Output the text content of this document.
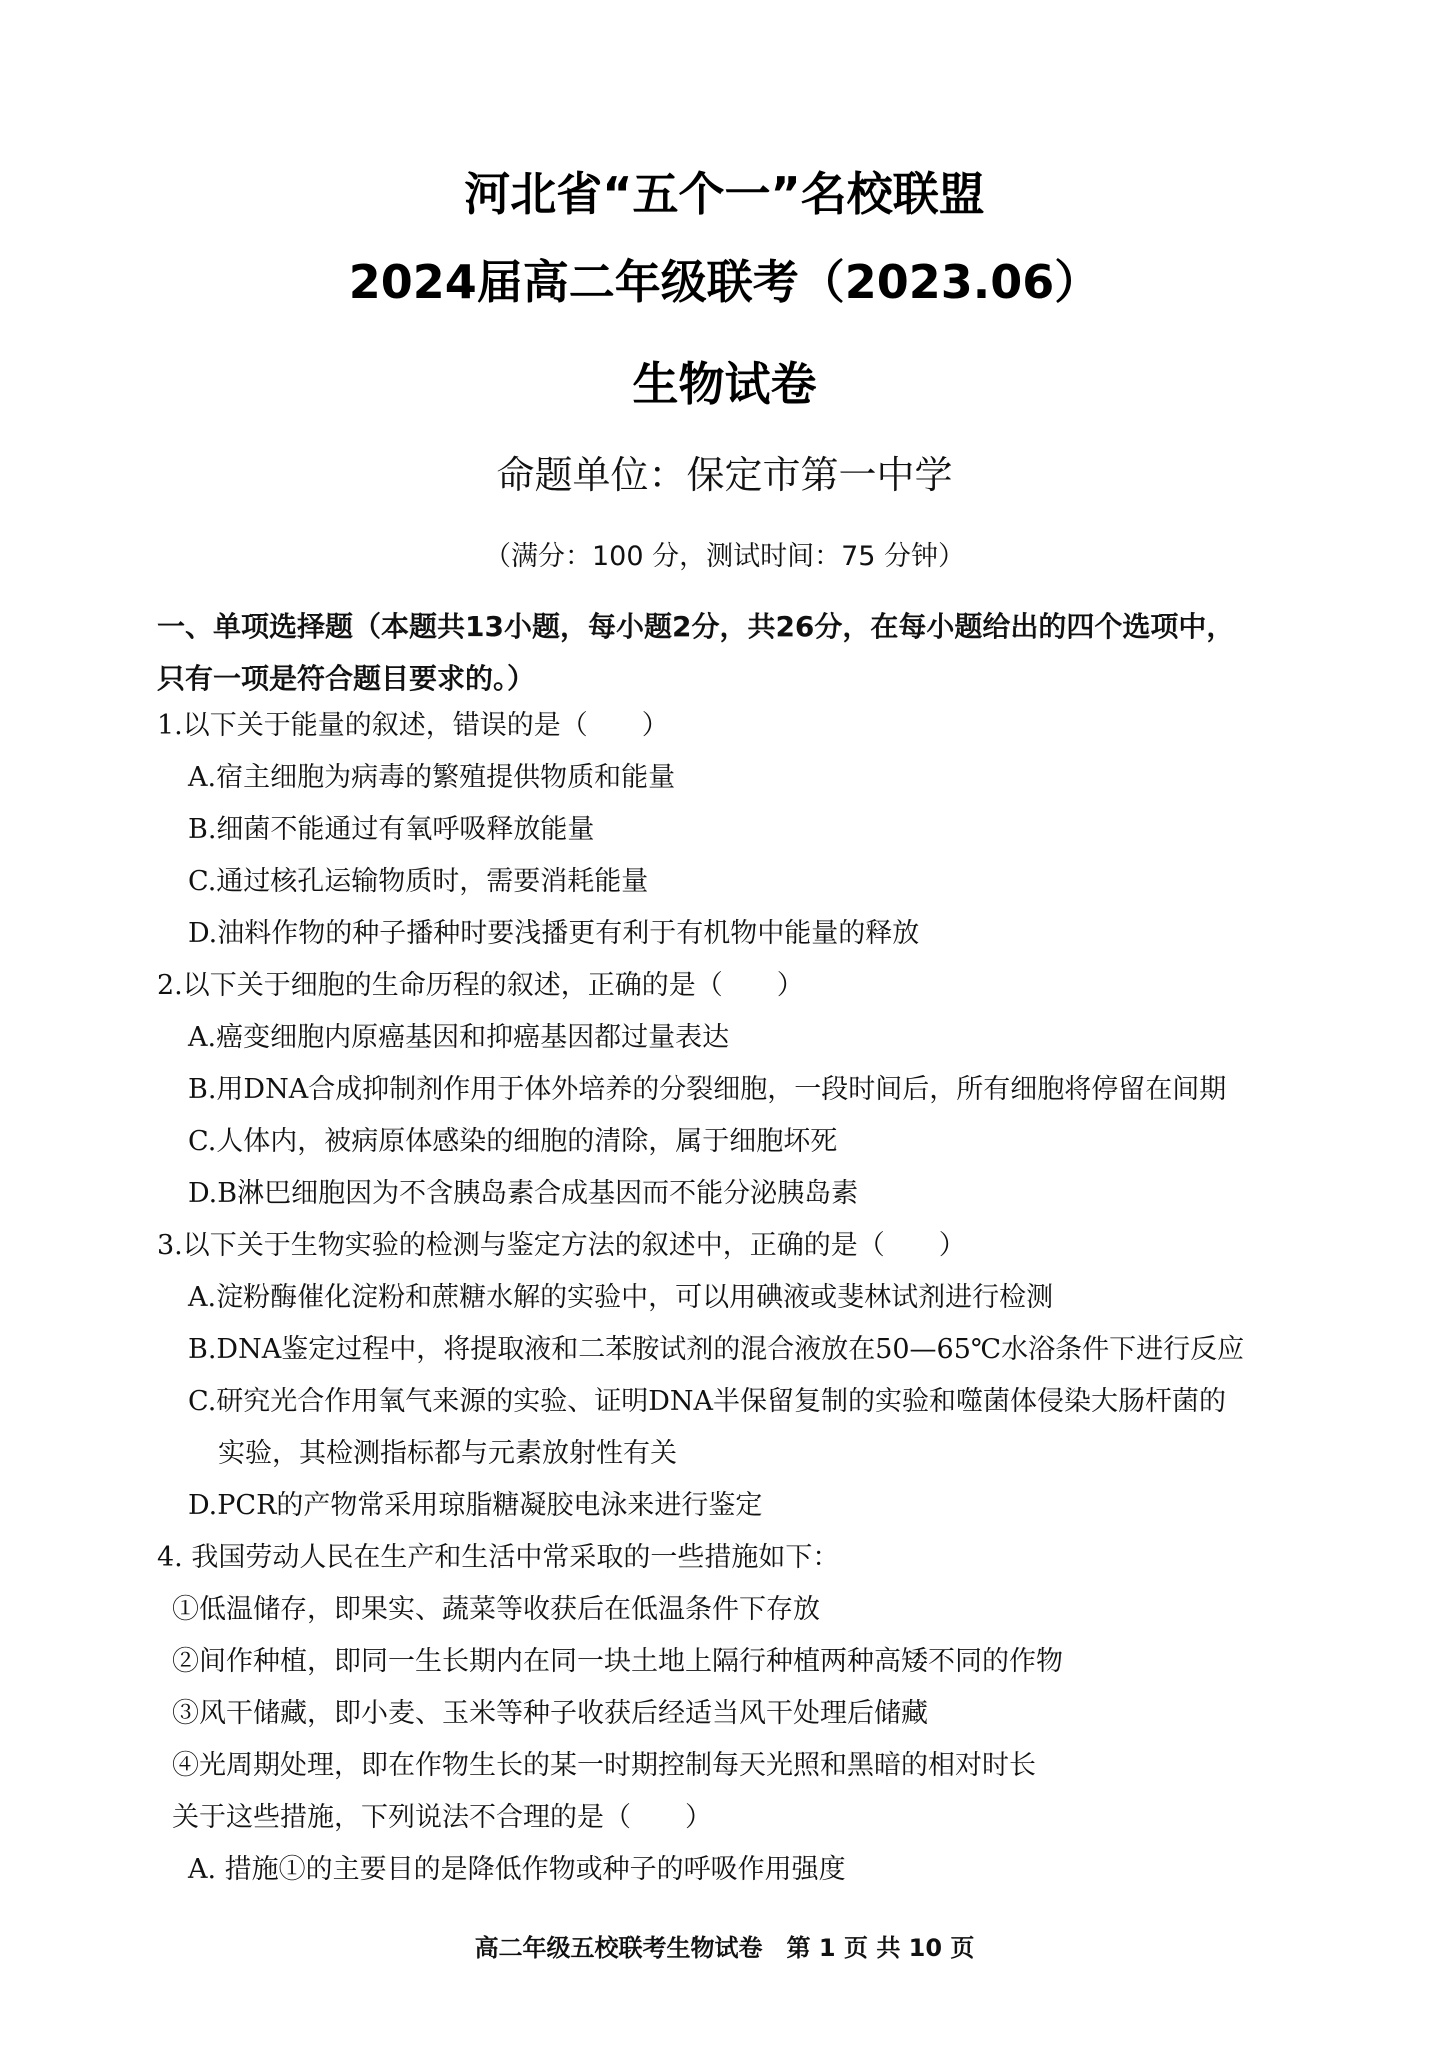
河北省“五个一”名校联盟
2024届高二年级联考（2023.06）
生物试卷
命题单位：保定市第一中学
（满分：100 分，测试时间：75 分钟）
一、单项选择题（本题共13小题，每小题2分，共26分，在每小题给出的四个选项中，
只有一项是符合题目要求的。）
1.以下关于能量的叙述，错误的是（　　）
A.宿主细胞为病毒的繁殖提供物质和能量
B.细菌不能通过有氧呼吸释放能量
C.通过核孔运输物质时，需要消耗能量
D.油料作物的种子播种时要浅播更有利于有机物中能量的释放
2.以下关于细胞的生命历程的叙述，正确的是（　　）
A.癌变细胞内原癌基因和抑癌基因都过量表达
B.用DNA合成抑制剂作用于体外培养的分裂细胞，一段时间后，所有细胞将停留在间期
C.人体内，被病原体感染的细胞的清除，属于细胞坏死
D.B淋巴细胞因为不含胰岛素合成基因而不能分泌胰岛素
3.以下关于生物实验的检测与鉴定方法的叙述中，正确的是（　　）
A.淀粉酶催化淀粉和蔗糖水解的实验中，可以用碘液或斐林试剂进行检测
B.DNA鉴定过程中，将提取液和二苯胺试剂的混合液放在50—65℃水浴条件下进行反应
C.研究光合作用氧气来源的实验、证明DNA半保留复制的实验和噬菌体侵染大肠杆菌的
实验，其检测指标都与元素放射性有关
D.PCR的产物常采用琼脂糖凝胶电泳来进行鉴定
4. 我国劳动人民在生产和生活中常采取的一些措施如下：
①低温储存，即果实、蔬菜等收获后在低温条件下存放
②间作种植，即同一生长期内在同一块土地上隔行种植两种高矮不同的作物
③风干储藏，即小麦、玉米等种子收获后经适当风干处理后储藏
④光周期处理，即在作物生长的某一时期控制每天光照和黑暗的相对时长
关于这些措施，下列说法不合理的是（　　）
A. 措施①的主要目的是降低作物或种子的呼吸作用强度
高二年级五校联考生物试卷　第 1 页 共 10 页
